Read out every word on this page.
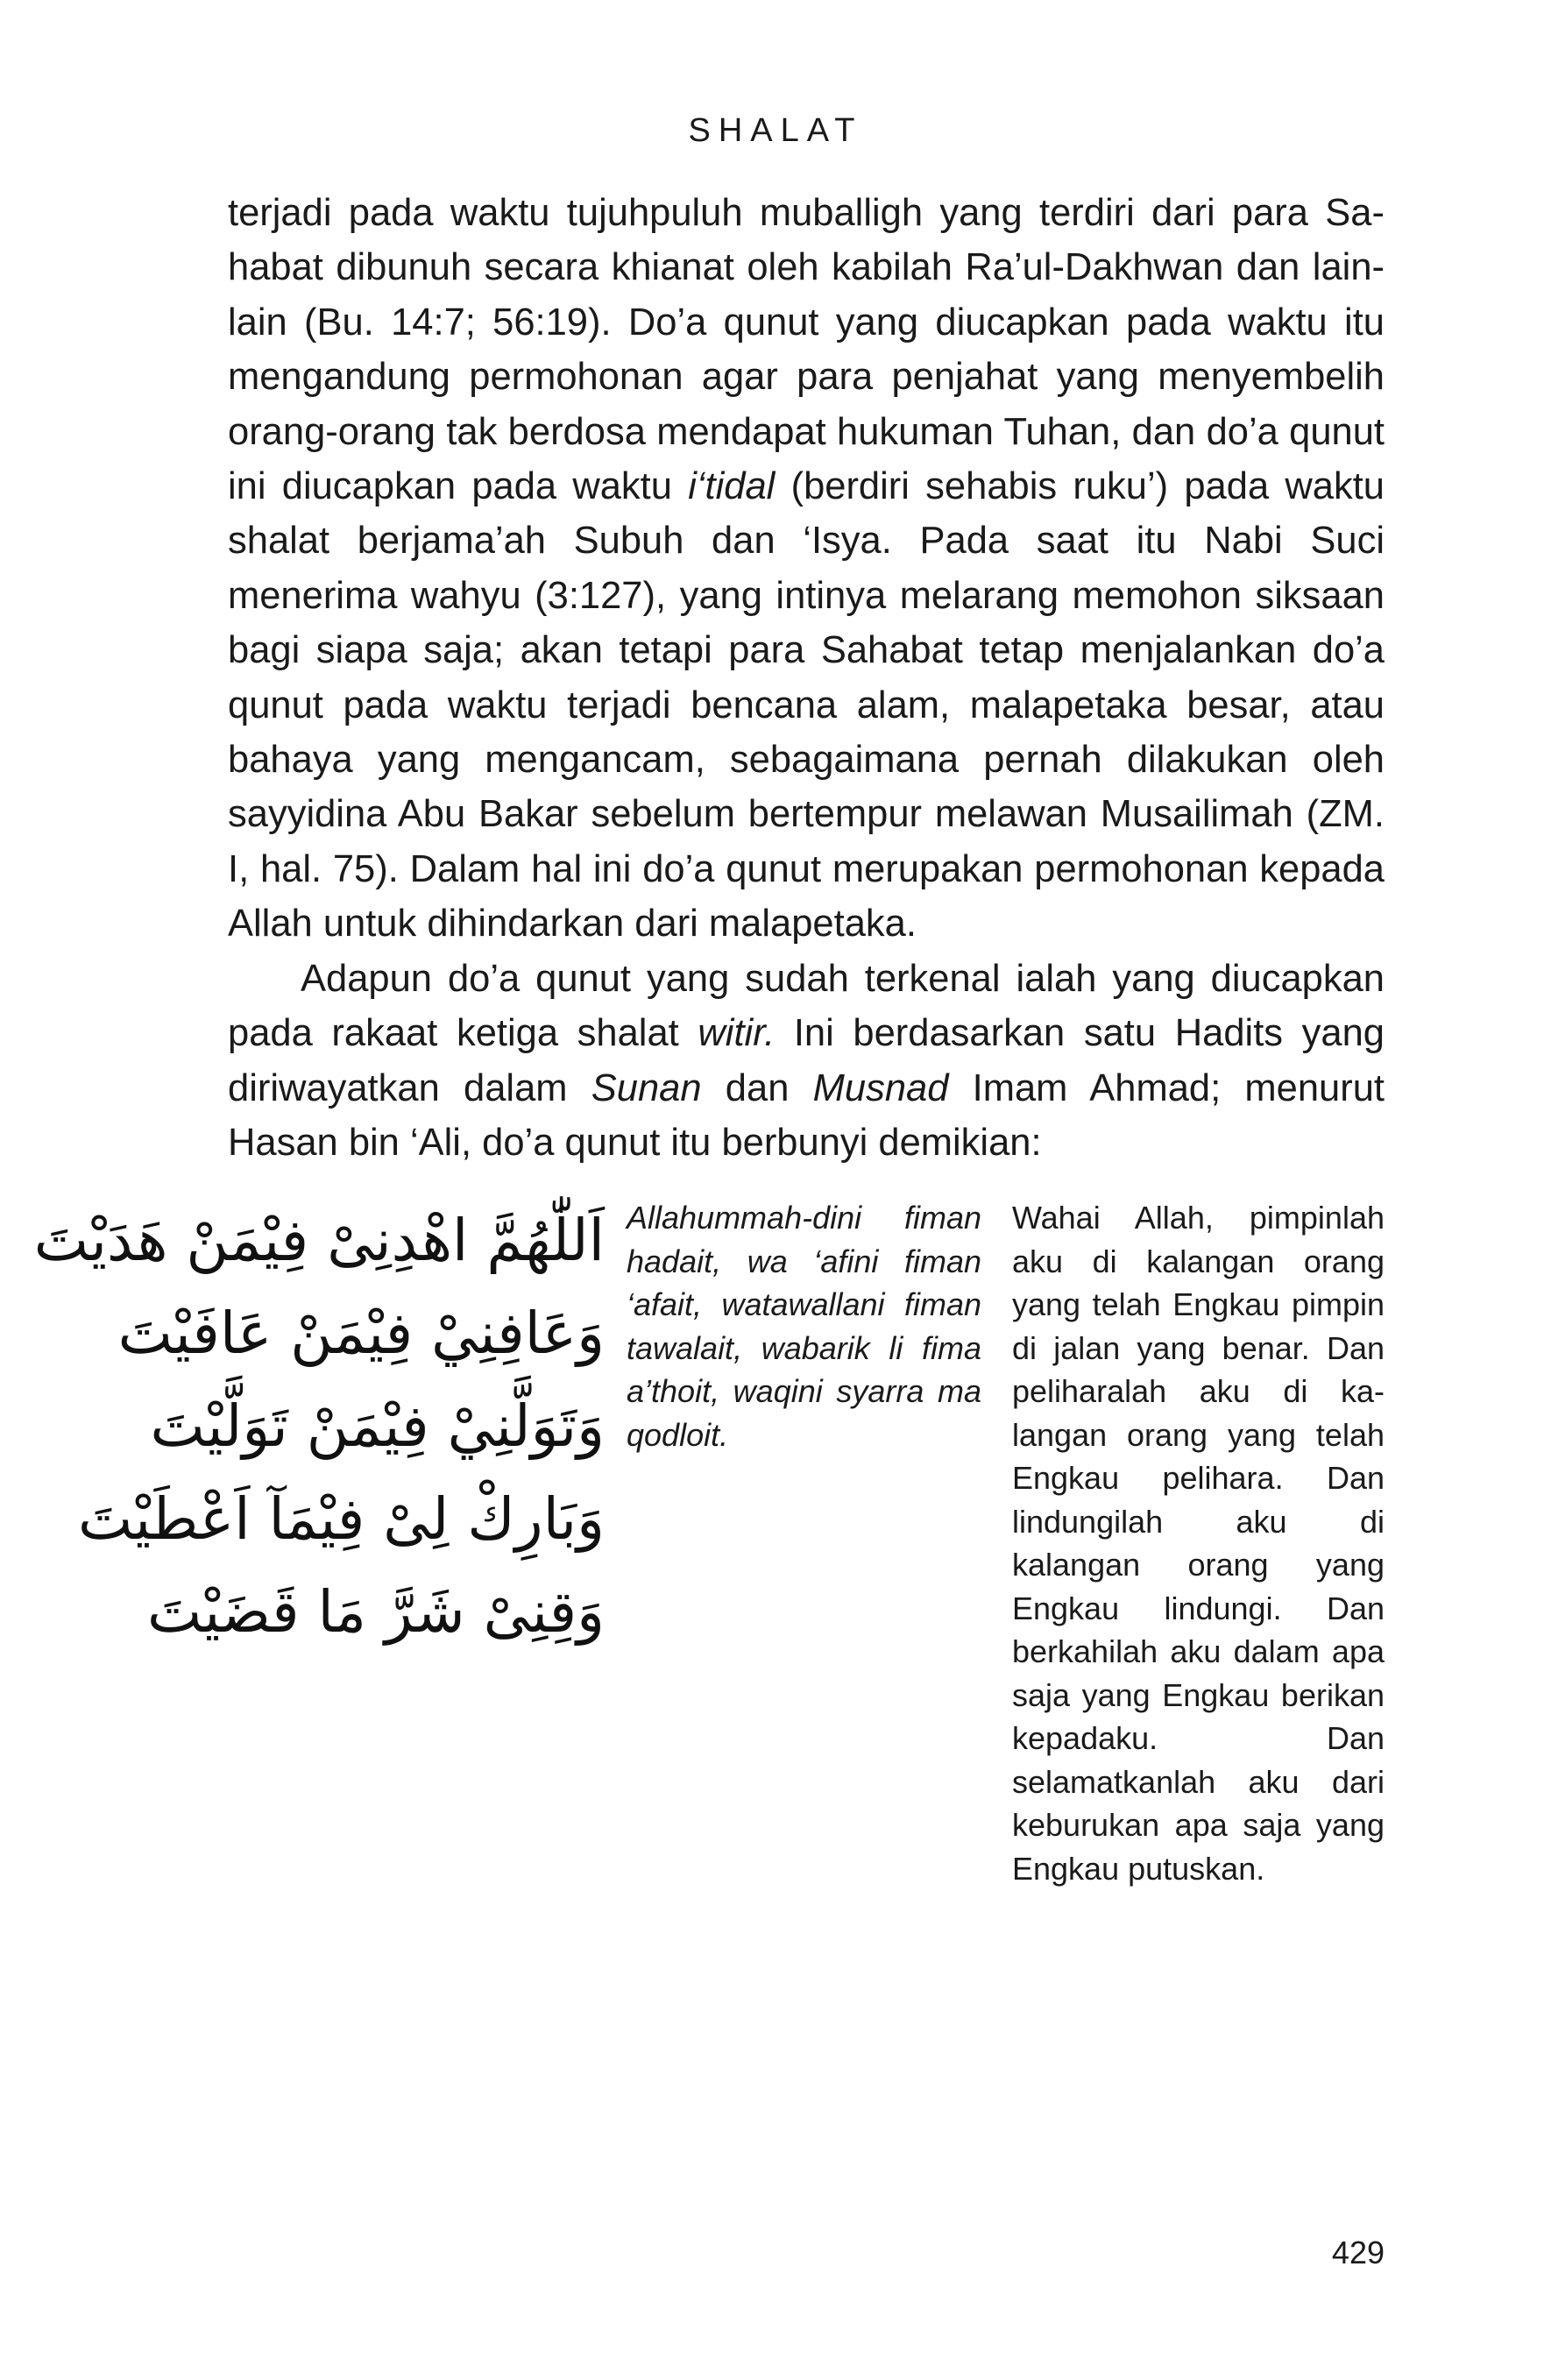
SHALAT

terjadi pada waktu tujuhpuluh muballigh yang terdiri dari para Sahabat dibunuh secara khianat oleh kabilah Ra’ul-Dakhwan dan lain-lain (Bu. 14:7; 56:19). Do’a qunut yang diucapkan pada waktu itu mengandung permohonan agar para penjahat yang menyembelih orang-orang tak berdosa mendapat hukuman Tuhan, dan do’a qunut ini diucapkan pada waktu i‘tidal (berdiri sehabis ruku’) pada waktu shalat berjama’ah Subuh dan ‘Isya. Pada saat itu Nabi Suci menerima wahyu (3:127), yang intinya melarang memohon siksaan bagi siapa saja; akan tetapi para Sahabat tetap menjalankan do’a qunut pada waktu terjadi bencana alam, malapetaka besar, atau bahaya yang mengancam, sebagaimana pernah dilakukan oleh sayyidina Abu Bakar sebelum bertempur melawan Musailimah (ZM. I, hal. 75). Dalam hal ini do’a qunut merupakan permohonan kepada Allah untuk dihindarkan dari malapetaka.

Adapun do’a qunut yang sudah terkenal ialah yang diucapkan pada rakaat ketiga shalat witir. Ini berdasarkan satu Hadits yang diriwayatkan dalam Sunan dan Musnad Imam Ahmad; menurut Hasan bin ‘Ali, do’a qunut itu berbunyi demikian:

اَللّٰهُمَّ اهْدِنِىْ فِيْمَنْ هَدَيْتَ
وَعَافِنِيْ فِيْمَنْ عَافَيْتَ
وَتَوَلَّنِيْ فِيْمَنْ تَوَلَّيْتَ
وَبَارِكْ لِىْ فِيْمَآ اَعْطَيْتَ
وَقِنِىْ شَرَّ مَا قَضَيْتَ
Allahummah-dini fiman hadait, wa ‘afini fiman ‘afait, watawallani fiman tawalait, wabarik li fima a’thoit, waqini syarra ma qodloit.
Wahai Allah, pimpinlah aku di kalangan orang yang telah Engkau pimpin di jalan yang benar. Dan peliharalah aku di kalangan orang yang telah Engkau pelihara. Dan lindungilah aku di kalangan orang yang Engkau lindungi. Dan berkahilah aku dalam apa saja yang Engkau berikan kepadaku. Dan selamatkanlah aku dari keburukan apa saja yang Engkau putuskan.
429
